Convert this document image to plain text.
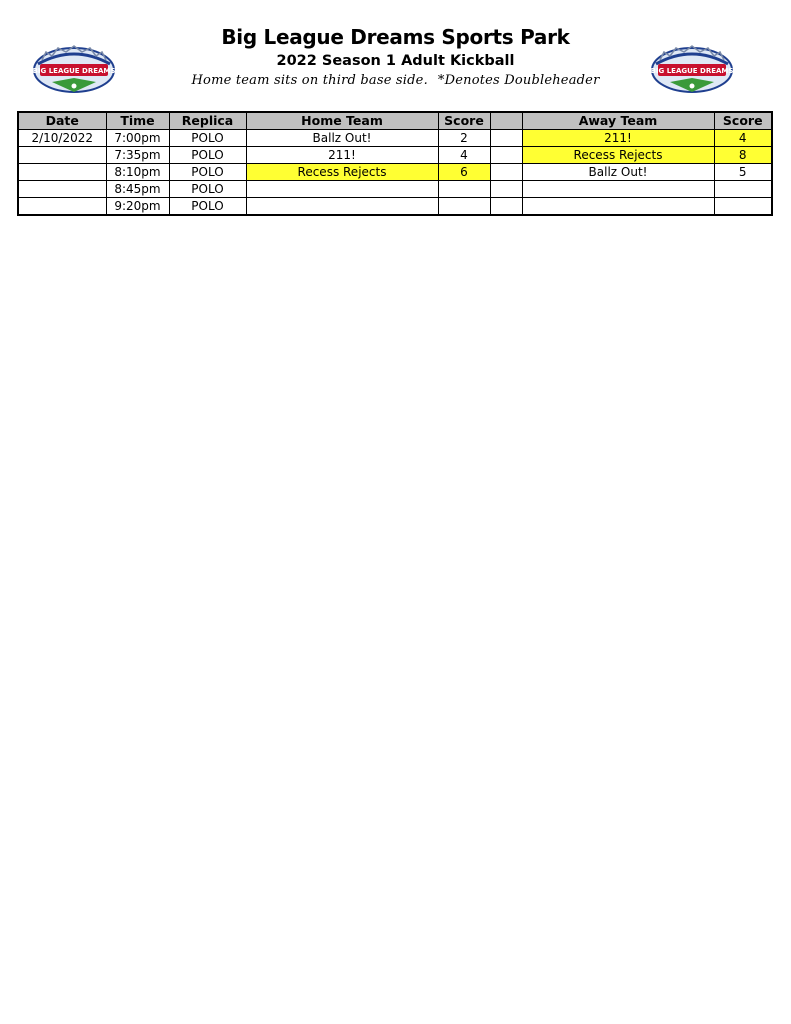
BIG LEAGUE DREAMS	BIG LEAGUE DREAMS
Big League Dreams Sports Park
2022 Season 1 Adult Kickball
Home team sits on third base side. *Denotes Doubleheader
Date	Time	Replica	Home Team	Score		Away Team	Score
2/10/2022	7:00pm	POLO	Ballz Out!	2		211!	4
	7:35pm	POLO	211!	4		Recess Rejects	8
	8:10pm	POLO	Recess Rejects	6		Ballz Out!	5
	8:45pm	POLO					
	9:20pm	POLO					
